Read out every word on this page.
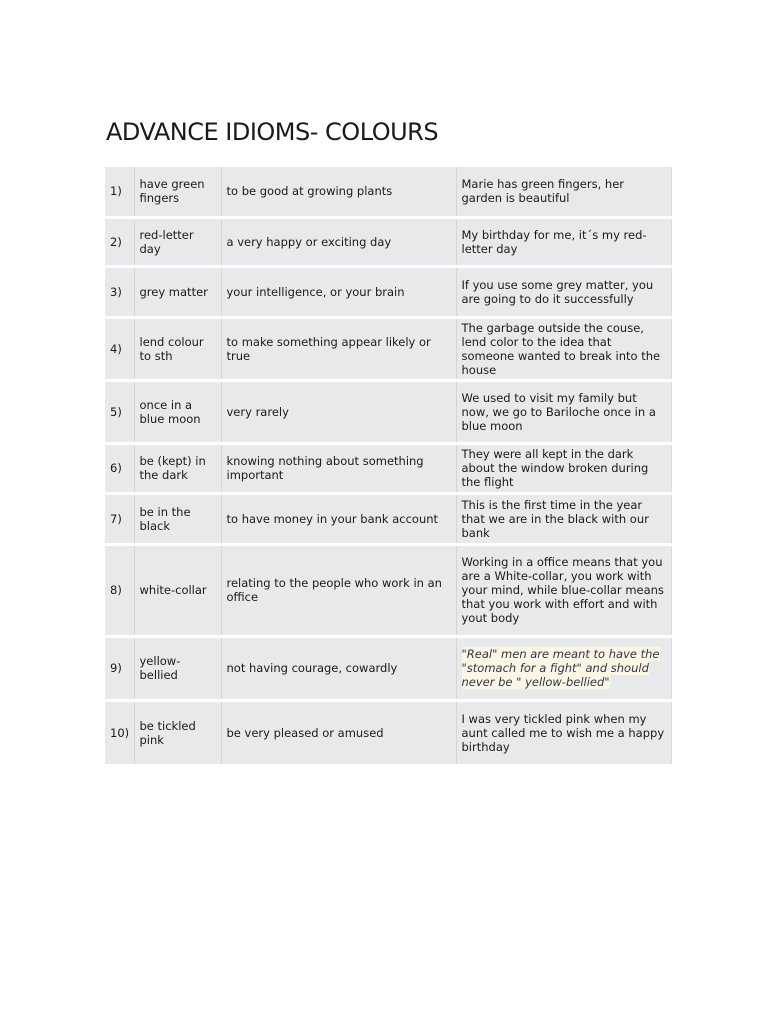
ADVANCE IDIOMS- COLOURS
1)	have green fingers	to be good at growing plants	Marie has green fingers, her garden is beautiful
2)	red-letter day	a very happy or exciting day	My birthday for me, it´s my red-letter day
3)	grey matter	your intelligence, or your brain	If you use some grey matter, you are going to do it successfully
4)	lend colour to sth	to make something appear likely or true	The garbage outside the couse, lend color to the idea that someone wanted to break into the house
5)	once in a blue moon	very rarely	We used to visit my family but now, we go to Bariloche once in a blue moon
6)	be (kept) in the dark	knowing nothing about something important	They were all kept in the dark about the window broken during the flight
7)	be in the black	to have money in your bank account	This is the first time in the year that we are in the black with our bank
8)	white-collar	relating to the people who work in an office	Working in a office means that you are a White-collar, you work with your mind, while blue-collar means that you work with effort and with yout body
9)	yellow-bellied	not having courage, cowardly	"Real" men are meant to have the "stomach for a fight" and should never be " yellow-bellied"
10)	be tickled pink	be very pleased or amused	I was very tickled pink when my aunt called me to wish me a happy birthday
